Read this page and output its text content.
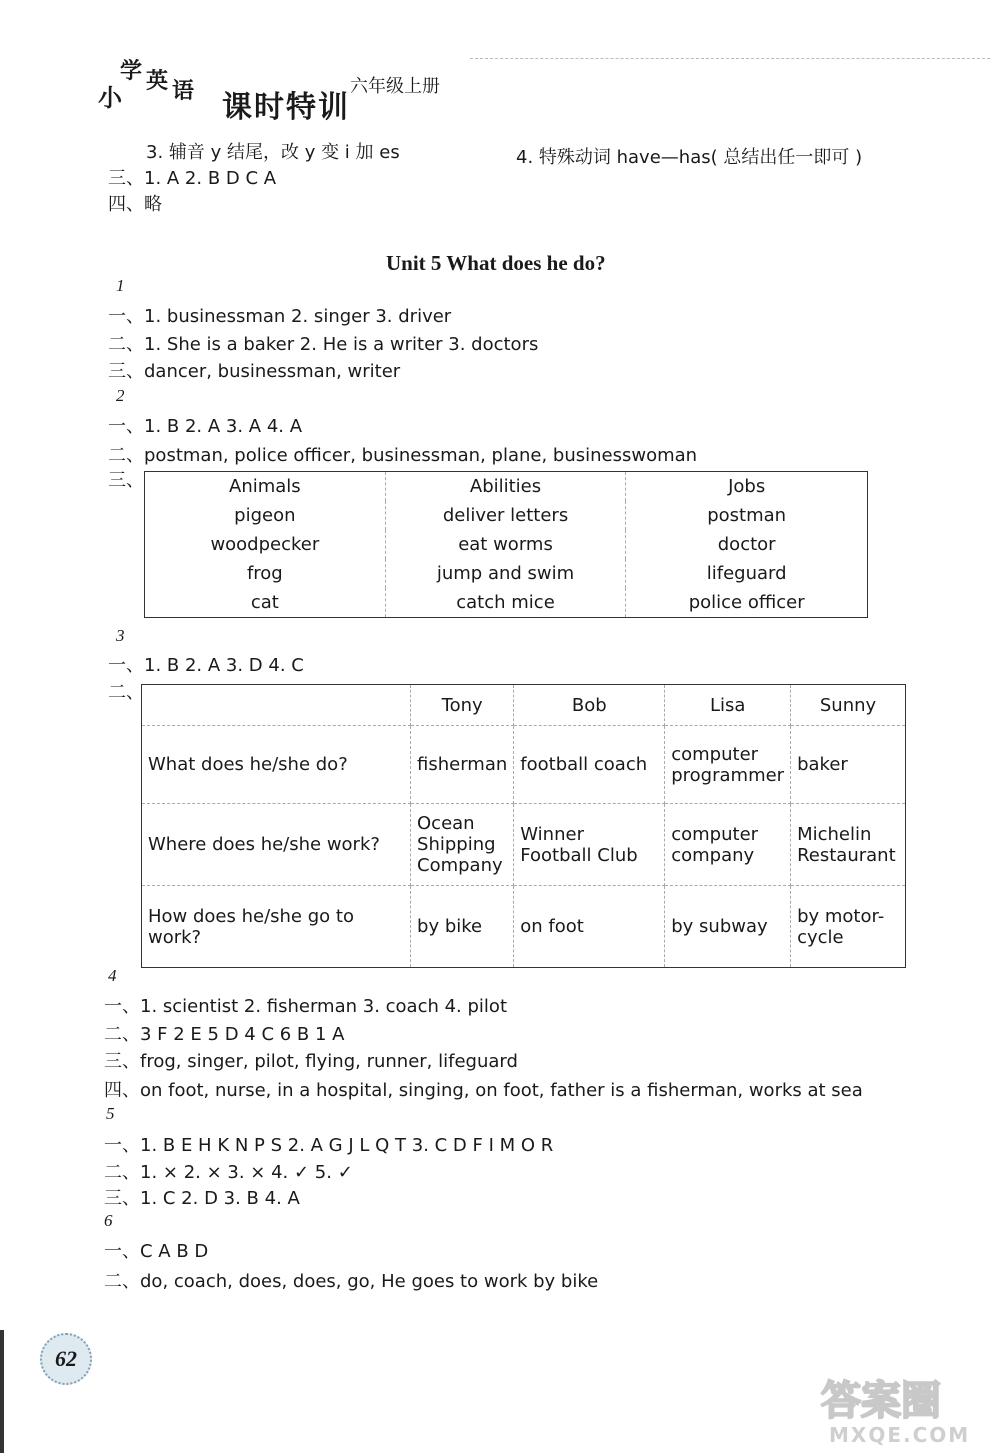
小
学 英 语 课时特训
六年级上册
3. 辅音 y 结尾，改 y 变 i 加 es	4. 特殊动词 have—has( 总结出任一即可 )
三、1. A 2. B D C A
四、略
Unit 5 What does he do?
1
一、1. businessman 2. singer 3. driver
二、1. She is a baker 2. He is a writer 3. doctors
三、dancer, businessman, writer
2
一、1. B 2. A 3. A 4. A
二、postman, police officer, businessman, plane, businesswoman
三、	Animals	Abilities	Jobs
pigeon	deliver letters	postman
woodpecker	eat worms	doctor
frog	jump and swim	lifeguard
cat	catch mice	police officer
3
一、1. B 2. A 3. D 4. C
二、
	Tony	Bob	Lisa	Sunny
What does he/she do?	fisherman	football coach	computer programmer	baker
Where does he/she work?	Ocean Shipping Company	Winner Football Club	computer company	Michelin Restaurant
How does he/she go to work?	by bike	on foot	by subway	by motor-cycle
4
一、1. scientist 2. fisherman 3. coach 4. pilot
二、3 F 2 E 5 D 4 C 6 B 1 A
三、frog, singer, pilot, flying, runner, lifeguard
四、on foot, nurse, in a hospital, singing, on foot, father is a fisherman, works at sea
5
一、1. B E H K N P S 2. A G J L Q T 3. C D F I M O R
二、1. × 2. × 3. × 4. ✓ 5. ✓
三、1. C 2. D 3. B 4. A
6
一、C A B D
二、do, coach, does, does, go, He goes to work by bike
62
答案圈
MXQE.COM
